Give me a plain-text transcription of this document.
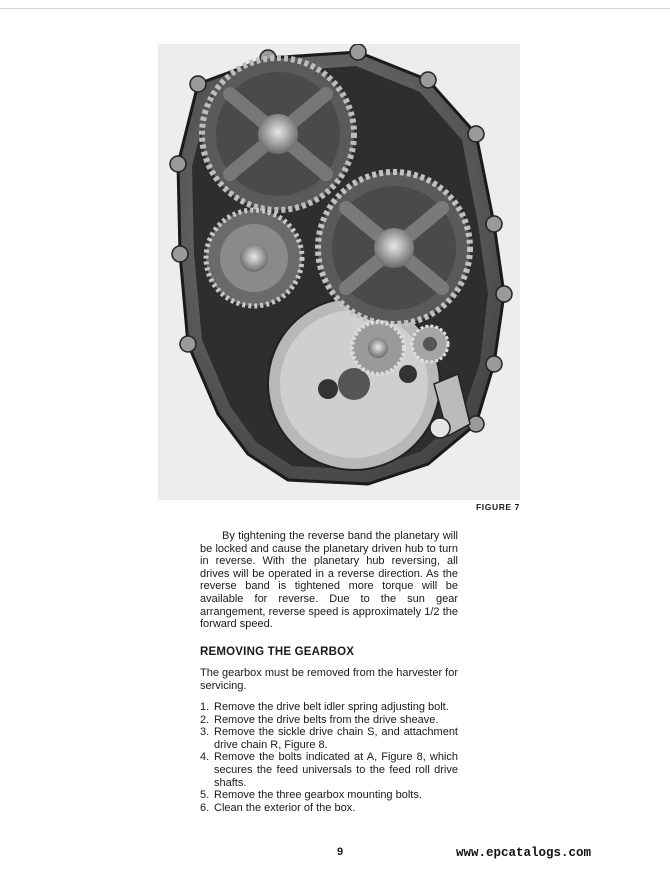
FIGURE 7

By tightening the reverse band the planetary will be locked and cause the planetary driven hub to turn in reverse. With the planetary hub reversing, all drives will be operated in a reverse direction. As the reverse band is tightened more torque will be available for reverse. Due to the sun gear arrangement, reverse speed is approximately 1/2 the forward speed.

REMOVING THE GEARBOX

The gearbox must be removed from the harvester for servicing.

1. Remove the drive belt idler spring adjusting bolt.
2. Remove the drive belts from the drive sheave.
3. Remove the sickle drive chain S, and attachment drive chain R, Figure 8.
4. Remove the bolts indicated at A, Figure 8, which secures the feed universals to the feed roll drive shafts.
5. Remove the three gearbox mounting bolts.
6. Clean the exterior of the box.
9	www.epcatalogs.com
